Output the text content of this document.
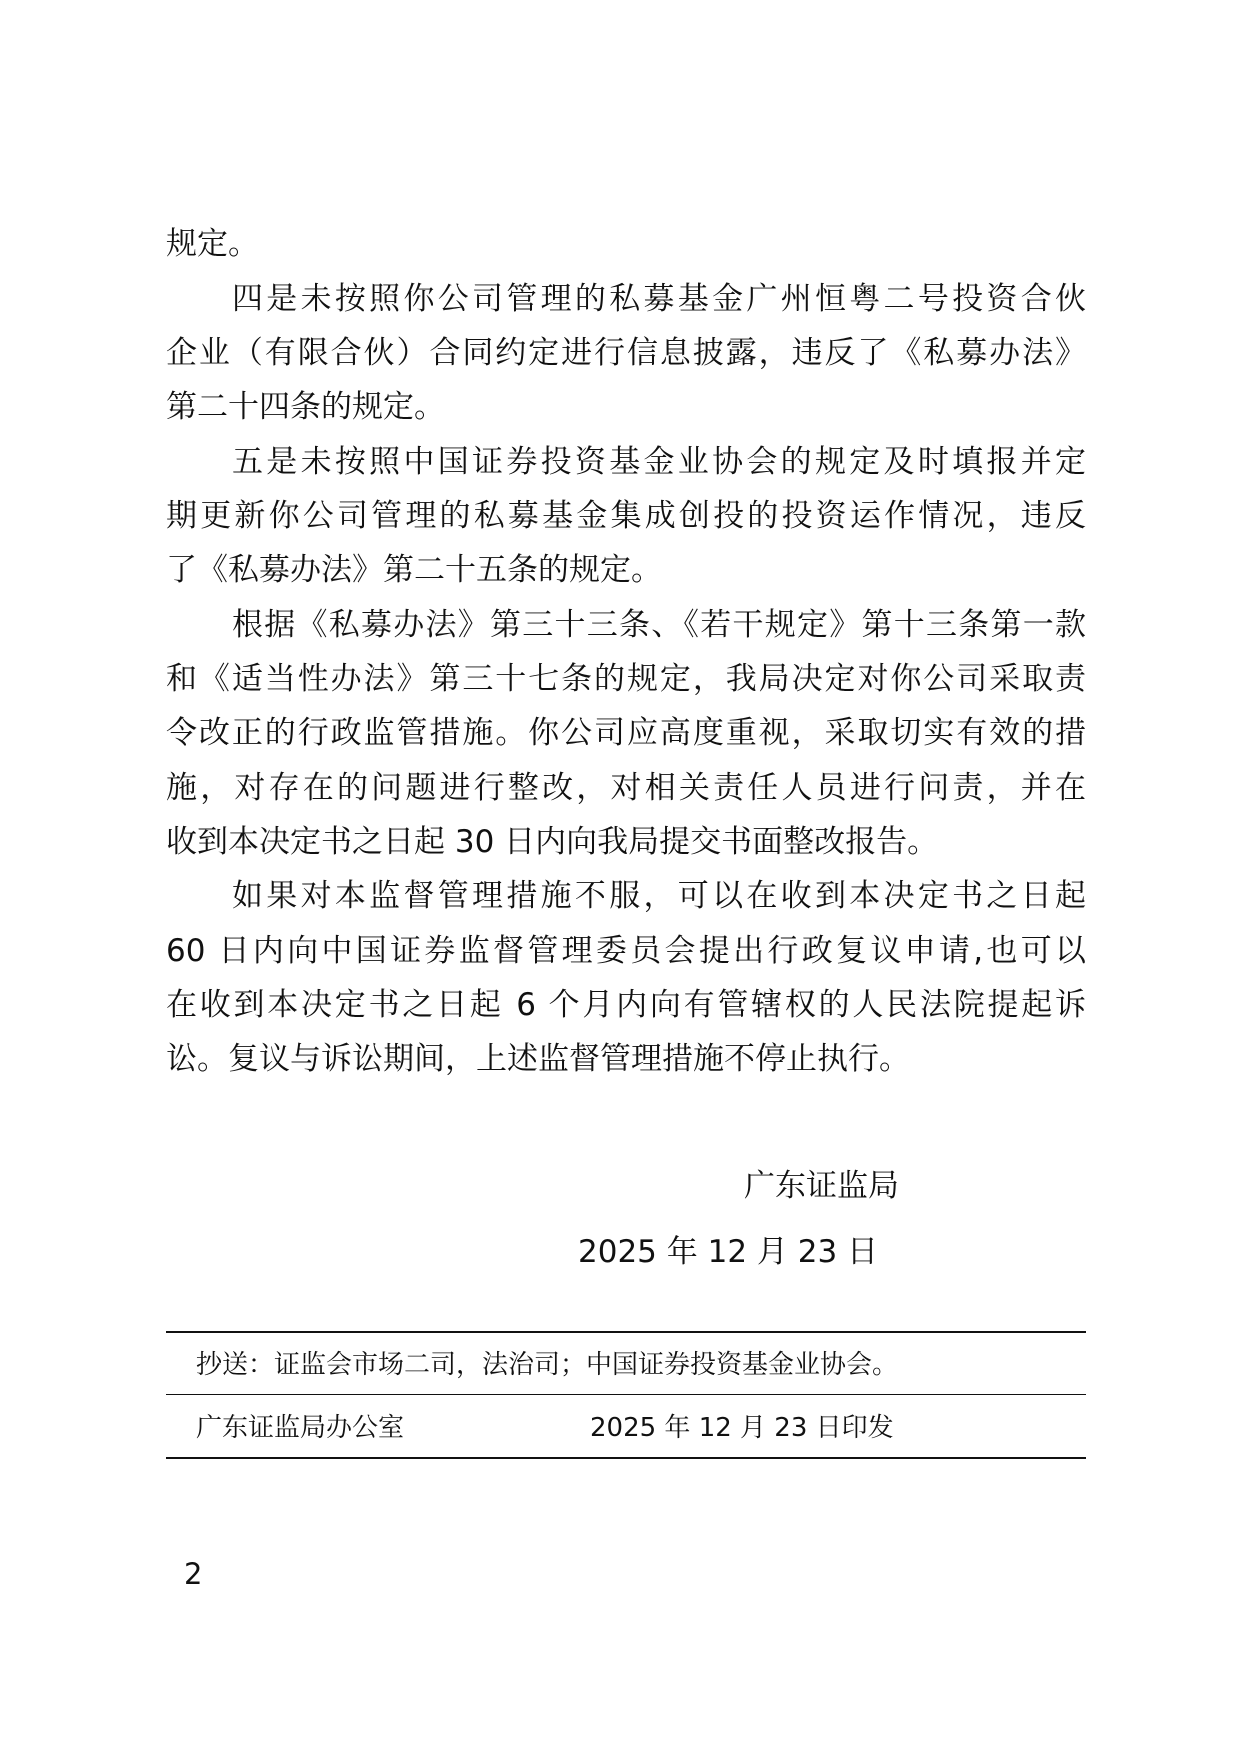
规定。

四是未按照你公司管理的私募基金广州恒粤二号投资合伙

企业（有限合伙）合同约定进行信息披露，违反了《私募办法》

第二十四条的规定。

五是未按照中国证券投资基金业协会的规定及时填报并定

期更新你公司管理的私募基金集成创投的投资运作情况，违反

了《私募办法》第二十五条的规定。

根据《私募办法》第三十三条、《若干规定》第十三条第一款

和《适当性办法》第三十七条的规定，我局决定对你公司采取责

令改正的行政监管措施。你公司应高度重视，采取切实有效的措

施，对存在的问题进行整改，对相关责任人员进行问责，并在

收到本决定书之日起 30 日内向我局提交书面整改报告。

如果对本监督管理措施不服，可以在收到本决定书之日起

60 日内向中国证券监督管理委员会提出行政复议申请,也可以

在收到本决定书之日起 6 个月内向有管辖权的人民法院提起诉

讼。复议与诉讼期间，上述监督管理措施不停止执行。

广东证监局
2025 年 12 月 23 日
抄送：证监会市场二司，法治司；中国证券投资基金业协会。
广东证监局办公室	2025 年 12 月 23 日印发
2
